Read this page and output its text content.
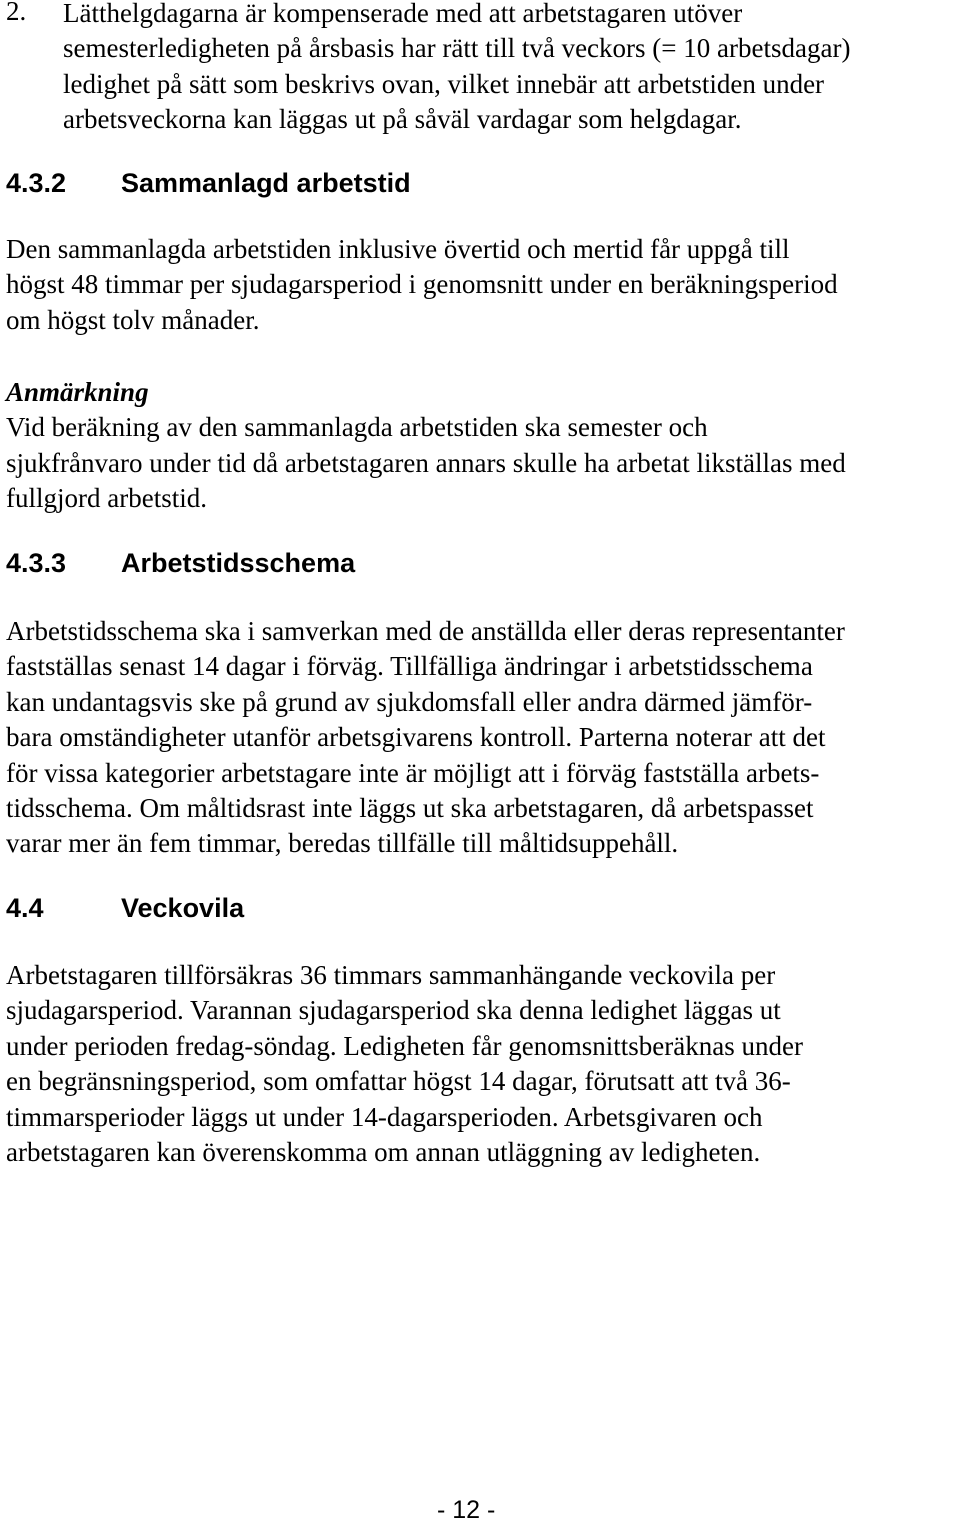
2. Lätthelgdagarna är kompenserade med att arbetstagaren utöver
semesterledigheten på årsbasis har rätt till två veckors (= 10 arbetsdagar)
ledighet på sätt som beskrivs ovan, vilket innebär att arbetstiden under
arbetsveckorna kan läggas ut på såväl vardagar som helgdagar.
4.3.2 Sammanlagd arbetstid
Den sammanlagda arbetstiden inklusive övertid och mertid får uppgå till
högst 48 timmar per sjudagarsperiod i genomsnitt under en beräkningsperiod
om högst tolv månader.
Anmärkning
Vid beräkning av den sammanlagda arbetstiden ska semester och
sjukfrånvaro under tid då arbetstagaren annars skulle ha arbetat likställas med
fullgjord arbetstid.
4.3.3 Arbetstidsschema
Arbetstidsschema ska i samverkan med de anställda eller deras representanter
fastställas senast 14 dagar i förväg. Tillfälliga ändringar i arbetstidsschema
kan undantagsvis ske på grund av sjukdomsfall eller andra därmed jämför-
bara omständigheter utanför arbetsgivarens kontroll. Parterna noterar att det
för vissa kategorier arbetstagare inte är möjligt att i förväg fastställa arbets-
tidsschema. Om måltidsrast inte läggs ut ska arbetstagaren, då arbetspasset
varar mer än fem timmar, beredas tillfälle till måltidsuppehåll.
4.4	Veckovila
Arbetstagaren tillförsäkras 36 timmars sammanhängande veckovila per
sjudagarsperiod. Varannan sjudagarsperiod ska denna ledighet läggas ut
under perioden fredag-söndag. Ledigheten får genomsnittsberäknas under
en begränsningsperiod, som omfattar högst 14 dagar, förutsatt att två 36-
timmarsperioder läggs ut under 14-dagarsperioden. Arbetsgivaren och
arbetstagaren kan överenskomma om annan utläggning av ledigheten.
- 12 -
